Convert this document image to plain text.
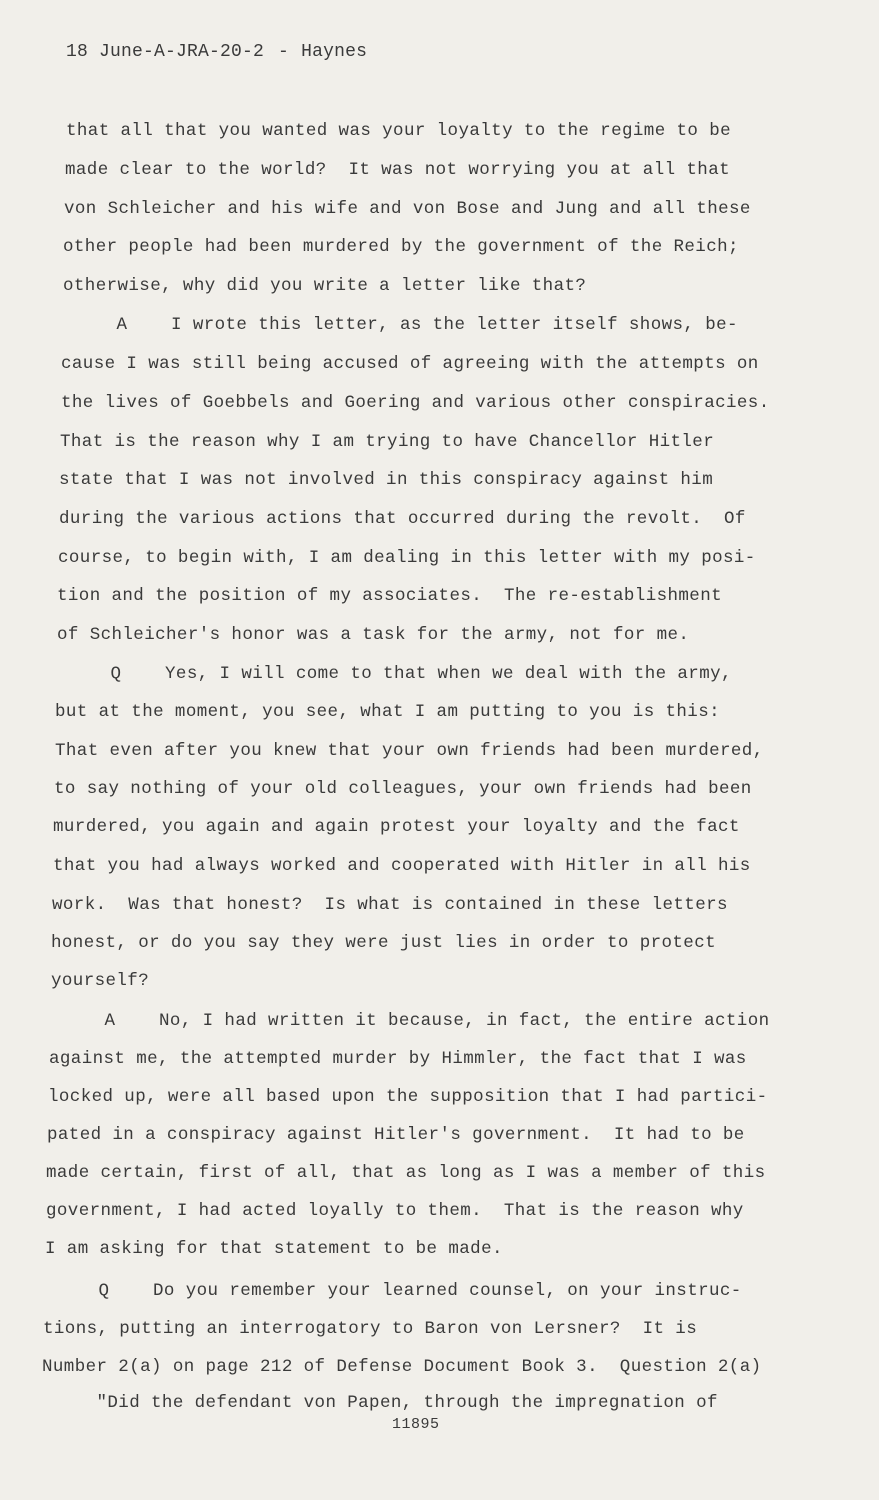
18 June-A-JRA-20-2 - Haynes
that all that you wanted was your loyalty to the regime to be
made clear to the world?  It was not worrying you at all that
von Schleicher and his wife and von Bose and Jung and all these
other people had been murdered by the government of the Reich;
otherwise, why did you write a letter like that?
A    I wrote this letter, as the letter itself shows, be-
cause I was still being accused of agreeing with the attempts on
the lives of Goebbels and Goering and various other conspiracies.
That is the reason why I am trying to have Chancellor Hitler
state that I was not involved in this conspiracy against him
during the various actions that occurred during the revolt.  Of
course, to begin with, I am dealing in this letter with my posi-
tion and the position of my associates.  The re-establishment
of Schleicher's honor was a task for the army, not for me.
Q    Yes, I will come to that when we deal with the army,
but at the moment, you see, what I am putting to you is this:
That even after you knew that your own friends had been murdered,
to say nothing of your old colleagues, your own friends had been
murdered, you again and again protest your loyalty and the fact
that you had always worked and cooperated with Hitler in all his
work.  Was that honest?  Is what is contained in these letters
honest, or do you say they were just lies in order to protect
yourself?
A    No, I had written it because, in fact, the entire action
against me, the attempted murder by Himmler, the fact that I was
locked up, were all based upon the supposition that I had partici-
pated in a conspiracy against Hitler's government.  It had to be
made certain, first of all, that as long as I was a member of this
government, I had acted loyally to them.  That is the reason why
I am asking for that statement to be made.
Q    Do you remember your learned counsel, on your instruc-
tions, putting an interrogatory to Baron von Lersner?  It is
Number 2(a) on page 212 of Defense Document Book 3.  Question 2(a)
"Did the defendant von Papen, through the impregnation of
11895
